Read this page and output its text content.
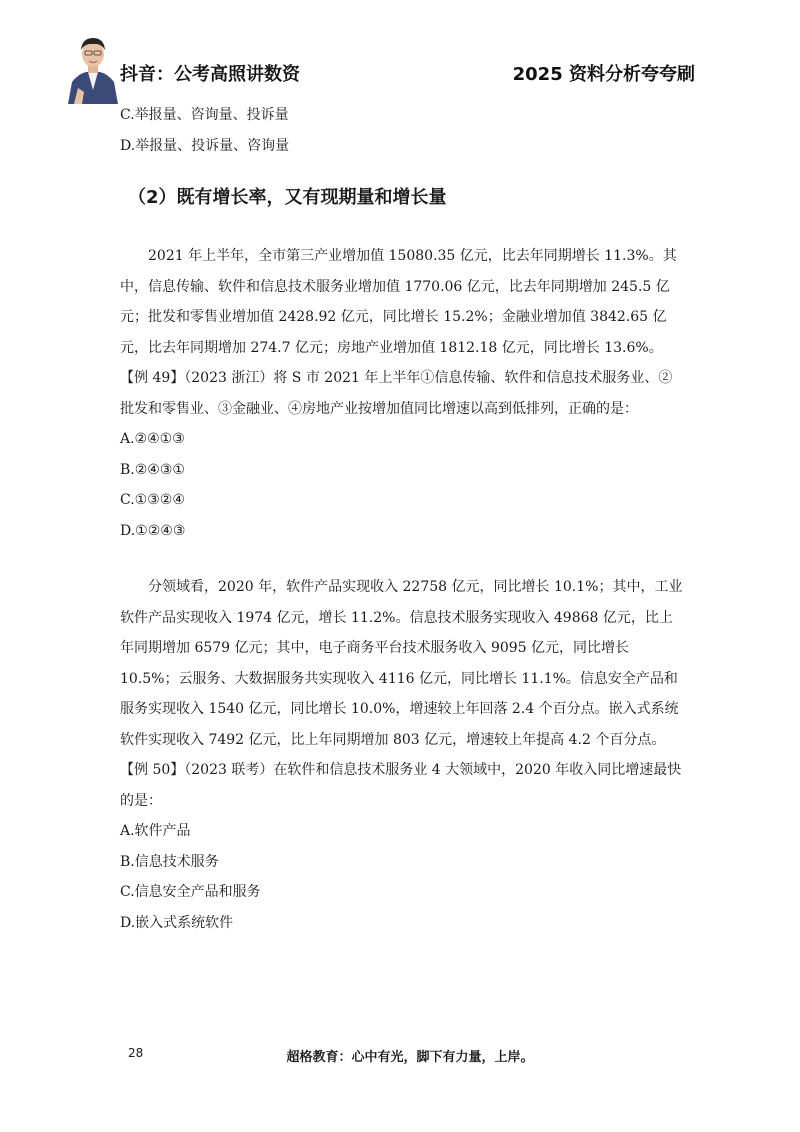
抖音：公考高照讲数资	2025 资料分析夸夸刷

C.举报量、咨询量、投诉量

D.举报量、投诉量、咨询量

（2）既有增长率，又有现期量和增长量

2021 年上半年，全市第三产业增加值 15080.35 亿元，比去年同期增长 11.3%。其中，信息传输、软件和信息技术服务业增加值 1770.06 亿元，比去年同期增加 245.5 亿元；批发和零售业增加值 2428.92 亿元，同比增长 15.2%；金融业增加值 3842.65 亿元，比去年同期增加 274.7 亿元；房地产业增加值 1812.18 亿元，同比增长 13.6%。

【例 49】（2023 浙江）将 S 市 2021 年上半年①信息传输、软件和信息技术服务业、②批发和零售业、③金融业、④房地产业按增加值同比增速以高到低排列，正确的是：

A.②④①③

B.②④③①

C.①③②④

D.①②④③

分领域看，2020 年，软件产品实现收入 22758 亿元，同比增长 10.1%；其中，工业软件产品实现收入 1974 亿元，增长 11.2%。信息技术服务实现收入 49868 亿元，比上年同期增加 6579 亿元；其中，电子商务平台技术服务收入 9095 亿元，同比增长 10.5%；云服务、大数据服务共实现收入 4116 亿元，同比增长 11.1%。信息安全产品和服务实现收入 1540 亿元，同比增长 10.0%，增速较上年回落 2.4 个百分点。嵌入式系统软件实现收入 7492 亿元，比上年同期增加 803 亿元，增速较上年提高 4.2 个百分点。

【例 50】（2023 联考）在软件和信息技术服务业 4 大领域中，2020 年收入同比增速最快的是：

A.软件产品

B.信息技术服务

C.信息安全产品和服务

D.嵌入式系统软件

28	超格教育：心中有光，脚下有力量，上岸。
